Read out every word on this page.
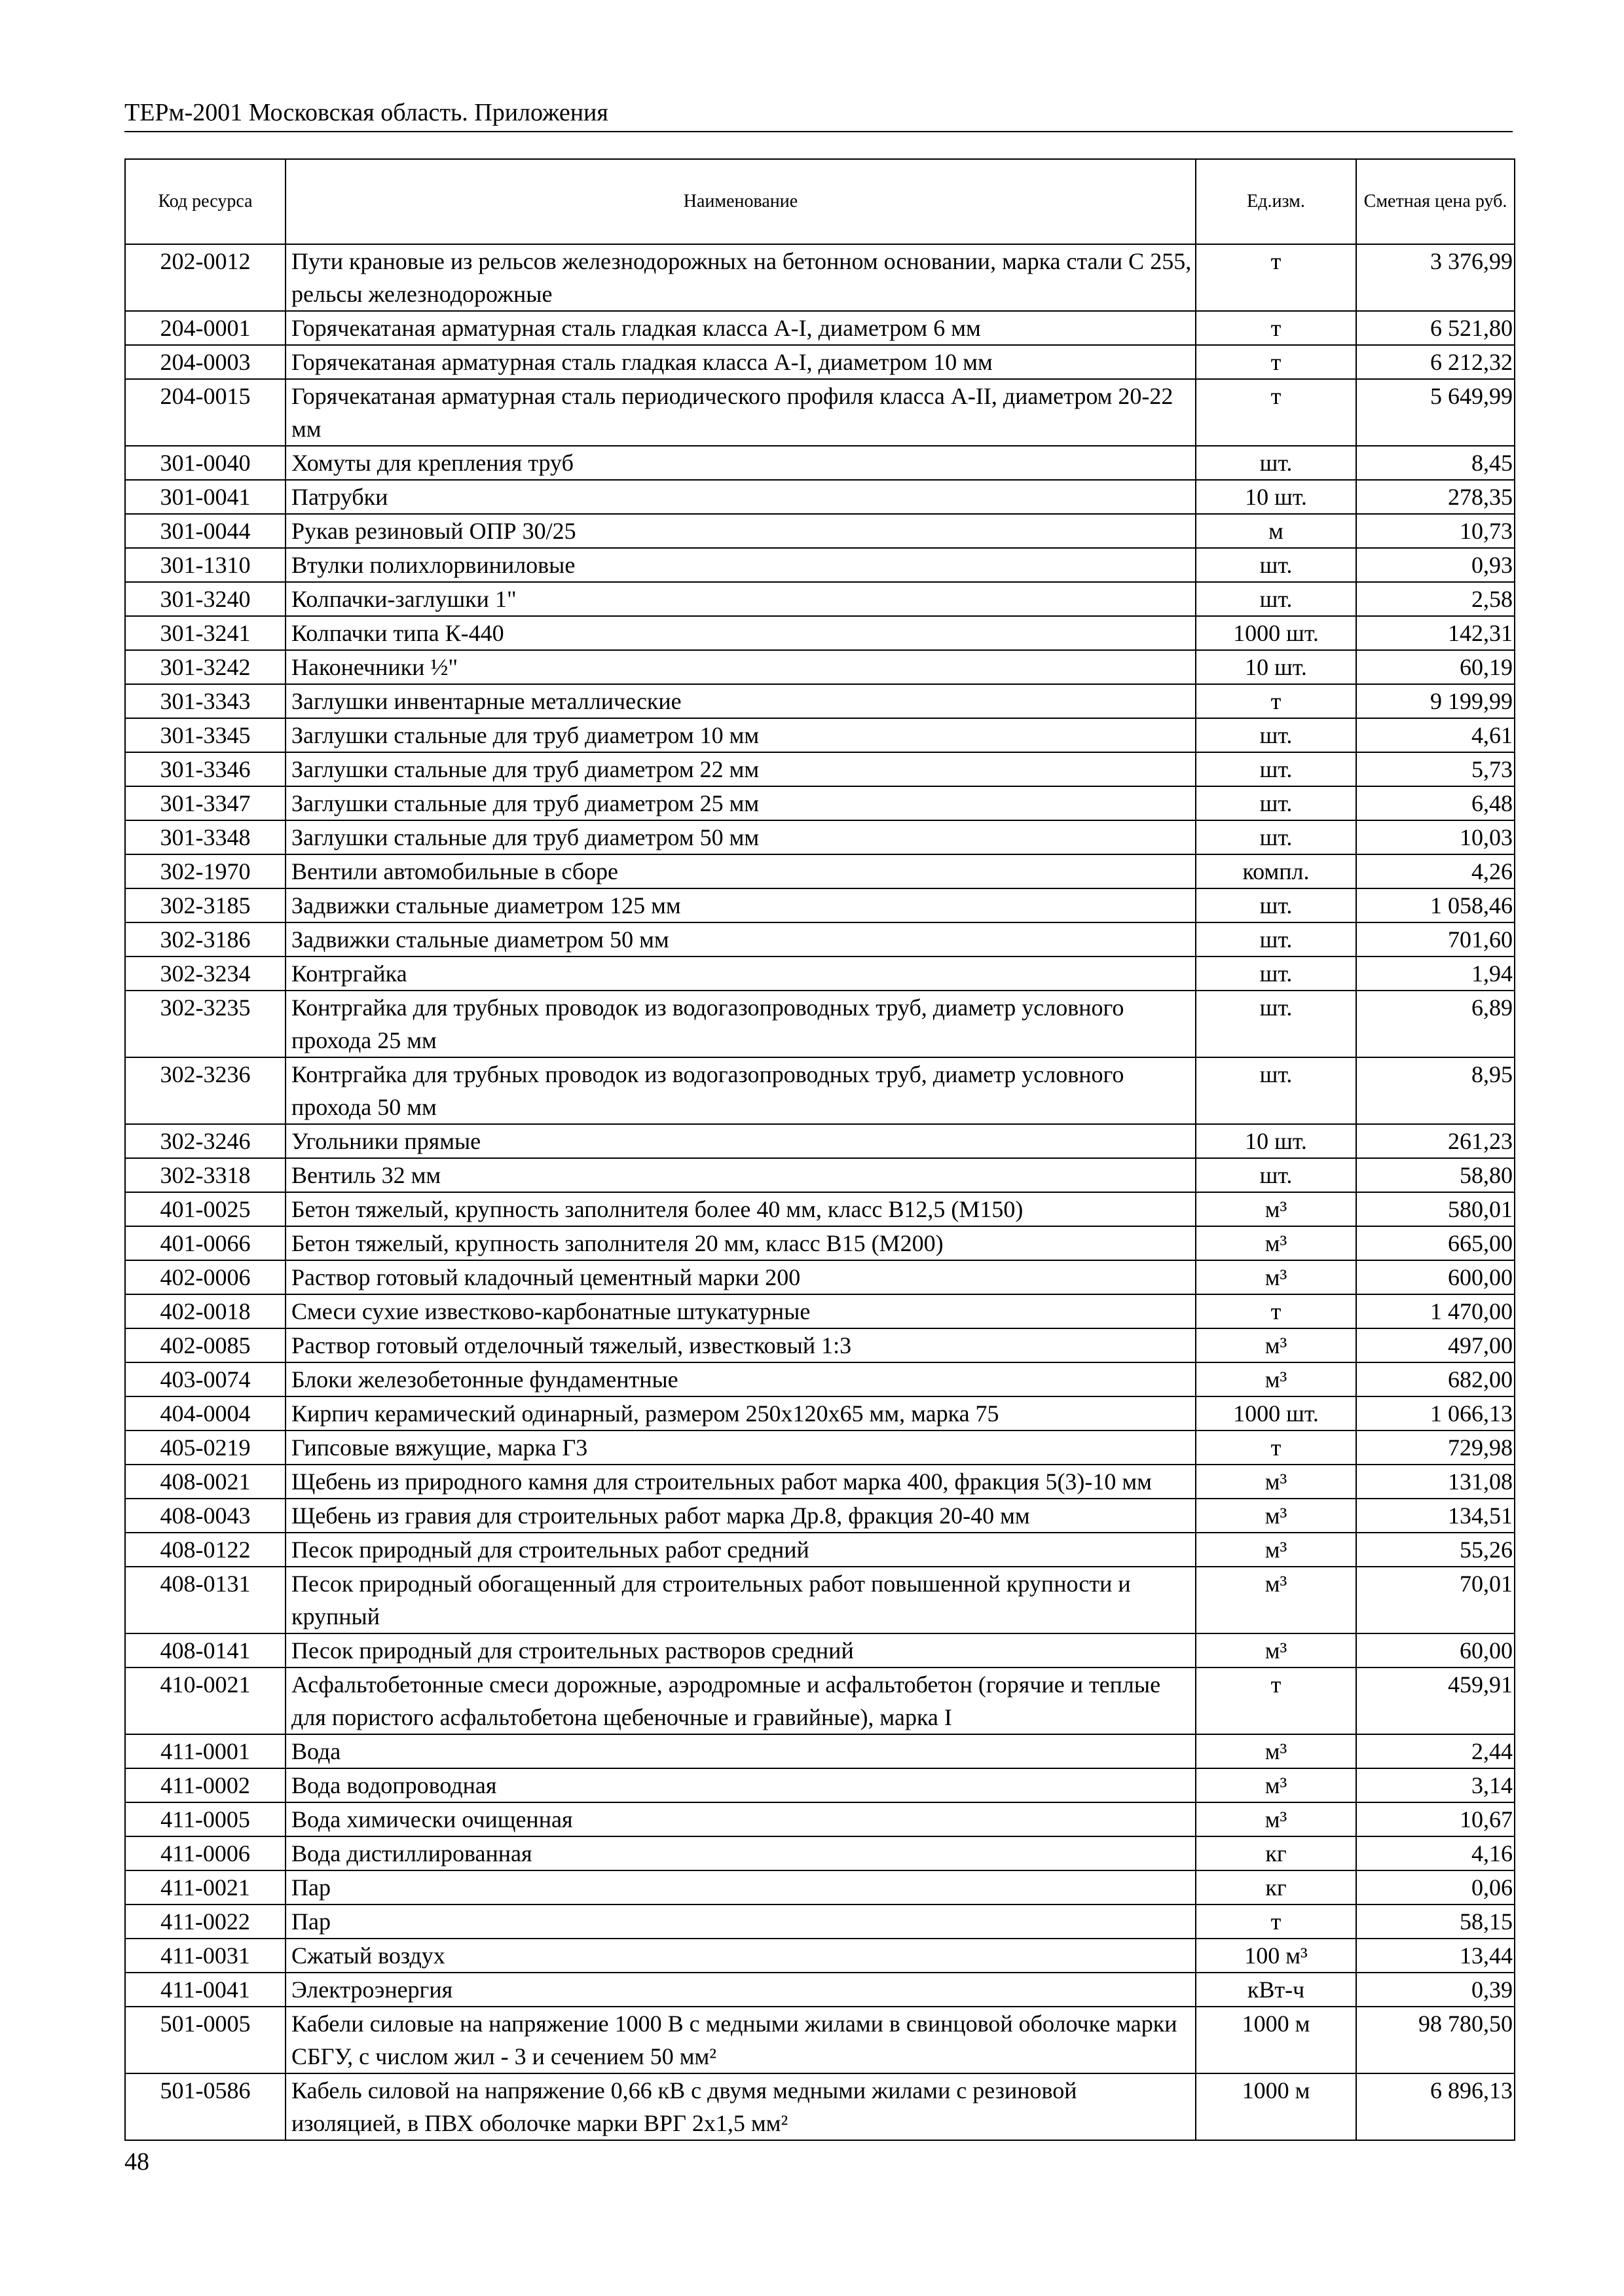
ТЕРм-2001 Московская область. Приложения
Код ресурса	Наименование	Ед.изм.	Сметная цена руб.
202-0012	Пути крановые из рельсов железнодорожных на бетонном основании, марка стали С 255, рельсы железнодорожные	т	3 376,99
204-0001	Горячекатаная арматурная сталь гладкая класса А-I, диаметром 6 мм	т	6 521,80
204-0003	Горячекатаная арматурная сталь гладкая класса А-I, диаметром 10 мм	т	6 212,32
204-0015	Горячекатаная арматурная сталь периодического профиля класса А-II, диаметром 20-22 мм	т	5 649,99
301-0040	Хомуты для крепления труб	шт.	8,45
301-0041	Патрубки	10 шт.	278,35
301-0044	Рукав резиновый ОПР 30/25	м	10,73
301-1310	Втулки полихлорвиниловые	шт.	0,93
301-3240	Колпачки-заглушки 1"	шт.	2,58
301-3241	Колпачки типа К-440	1000 шт.	142,31
301-3242	Наконечники ½"	10 шт.	60,19
301-3343	Заглушки инвентарные металлические	т	9 199,99
301-3345	Заглушки стальные для труб диаметром 10 мм	шт.	4,61
301-3346	Заглушки стальные для труб диаметром 22 мм	шт.	5,73
301-3347	Заглушки стальные для труб диаметром 25 мм	шт.	6,48
301-3348	Заглушки стальные для труб диаметром 50 мм	шт.	10,03
302-1970	Вентили автомобильные в сборе	компл.	4,26
302-3185	Задвижки стальные диаметром 125 мм	шт.	1 058,46
302-3186	Задвижки стальные диаметром 50 мм	шт.	701,60
302-3234	Контргайка	шт.	1,94
302-3235	Контргайка для трубных проводок из водогазопроводных труб, диаметр условного прохода 25 мм	шт.	6,89
302-3236	Контргайка для трубных проводок из водогазопроводных труб, диаметр условного прохода 50 мм	шт.	8,95
302-3246	Угольники прямые	10 шт.	261,23
302-3318	Вентиль 32 мм	шт.	58,80
401-0025	Бетон тяжелый, крупность заполнителя более 40 мм, класс В12,5 (М150)	м³	580,01
401-0066	Бетон тяжелый, крупность заполнителя 20 мм, класс В15 (М200)	м³	665,00
402-0006	Раствор готовый кладочный цементный марки 200	м³	600,00
402-0018	Смеси сухие известково-карбонатные штукатурные	т	1 470,00
402-0085	Раствор готовый отделочный тяжелый, известковый 1:3	м³	497,00
403-0074	Блоки железобетонные фундаментные	м³	682,00
404-0004	Кирпич керамический одинарный, размером 250х120х65 мм, марка 75	1000 шт.	1 066,13
405-0219	Гипсовые вяжущие, марка Г3	т	729,98
408-0021	Щебень из природного камня для строительных работ марка 400, фракция 5(3)-10 мм	м³	131,08
408-0043	Щебень из гравия для строительных работ марка Др.8, фракция 20-40 мм	м³	134,51
408-0122	Песок природный для строительных работ средний	м³	55,26
408-0131	Песок природный обогащенный для строительных работ повышенной крупности и крупный	м³	70,01
408-0141	Песок природный для строительных растворов средний	м³	60,00
410-0021	Асфальтобетонные смеси дорожные, аэродромные и асфальтобетон (горячие и теплые для пористого асфальтобетона щебеночные и гравийные), марка I	т	459,91
411-0001	Вода	м³	2,44
411-0002	Вода водопроводная	м³	3,14
411-0005	Вода химически очищенная	м³	10,67
411-0006	Вода дистиллированная	кг	4,16
411-0021	Пар	кг	0,06
411-0022	Пар	т	58,15
411-0031	Сжатый воздух	100 м³	13,44
411-0041	Электроэнергия	кВт-ч	0,39
501-0005	Кабели силовые на напряжение 1000 В с медными жилами в свинцовой оболочке марки СБГУ, с числом жил - 3 и сечением 50 мм²	1000 м	98 780,50
501-0586	Кабель силовой на напряжение 0,66 кВ с двумя медными жилами с резиновой изоляцией, в ПВХ оболочке марки ВРГ 2х1,5 мм²	1000 м	6 896,13
48
